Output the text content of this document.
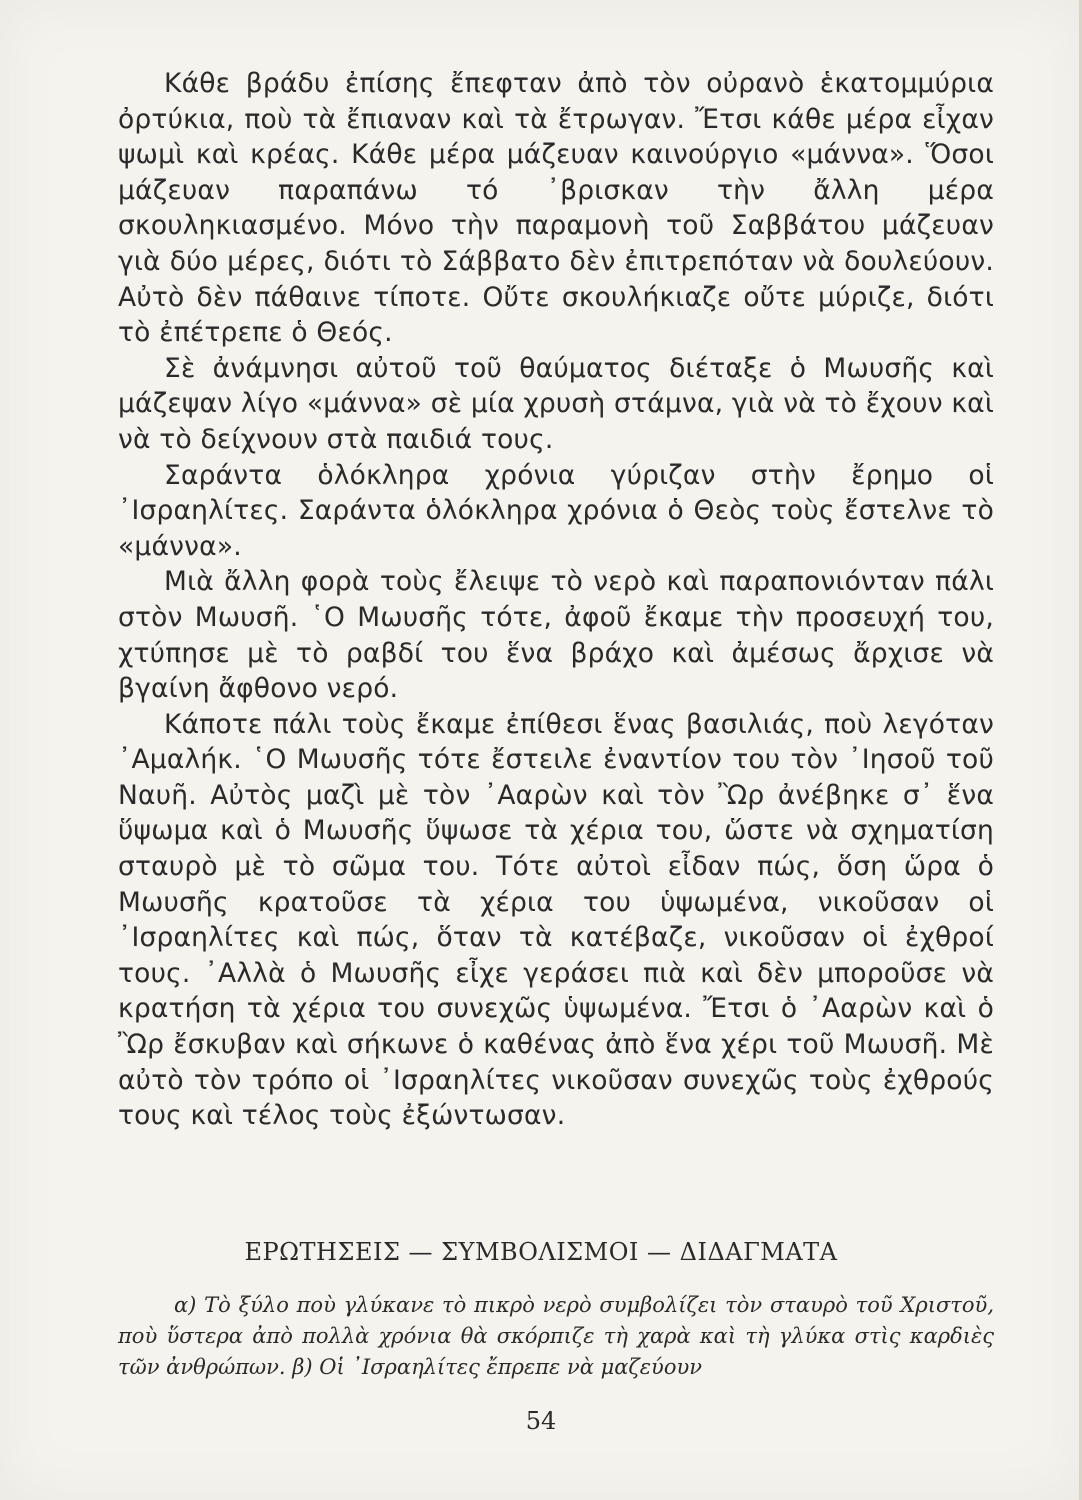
Κάθε βράδυ ἐπίσης ἔπεφταν ἀπὸ τὸν οὐρανὸ ἑκατομμύρια ὀρτύκια, ποὺ τὰ ἔπιαναν καὶ τὰ ἔτρωγαν. Ἔτσι κάθε μέρα εἶχαν ψωμὶ καὶ κρέας. Κάθε μέρα μάζευαν καινούργιο «μάννα». Ὅσοι μάζευαν παραπάνω τό ᾿βρισκαν τὴν ἄλλη μέρα σκουληκιασμένο. Μόνο τὴν παραμονὴ τοῦ Σαββάτου μάζευαν γιὰ δύο μέρες, διότι τὸ Σάββατο δὲν ἐπιτρεπόταν νὰ δουλεύουν. Αὐτὸ δὲν πάθαινε τίποτε. Οὔτε σκουλήκιαζε οὔτε μύριζε, διότι τὸ ἐπέτρεπε ὁ Θεός.

Σὲ ἀνάμνησι αὐτοῦ τοῦ θαύματος διέταξε ὁ Μωυσῆς καὶ μάζεψαν λίγο «μάννα» σὲ μία χρυσὴ στάμνα, γιὰ νὰ τὸ ἔχουν καὶ νὰ τὸ δείχνουν στὰ παιδιά τους.

Σαράντα ὁλόκληρα χρόνια γύριζαν στὴν ἔρημο οἱ ᾿Ισραηλίτες. Σαράντα ὁλόκληρα χρόνια ὁ Θεὸς τοὺς ἔστελνε τὸ «μάννα».

Μιὰ ἄλλη φορὰ τοὺς ἔλειψε τὸ νερὸ καὶ παραπονιόνταν πάλι στὸν Μωυσῆ. ῾Ο Μωυσῆς τότε, ἀφοῦ ἔκαμε τὴν προσευχή του, χτύπησε μὲ τὸ ραβδί του ἕνα βράχο καὶ ἀμέσως ἄρχισε νὰ βγαίνη ἄφθονο νερό.

Κάποτε πάλι τοὺς ἔκαμε ἐπίθεσι ἕνας βασιλιάς, ποὺ λεγόταν ᾿Αμαλήκ. ῾Ο Μωυσῆς τότε ἔστειλε ἐναντίον του τὸν ᾿Ιησοῦ τοῦ Ναυῆ. Αὐτὸς μαζὶ μὲ τὸν ᾿Ααρὼν καὶ τὸν Ὢρ ἀνέβηκε σ᾿ ἕνα ὕψωμα καὶ ὁ Μωυσῆς ὕψωσε τὰ χέρια του, ὥστε νὰ σχηματίση σταυρὸ μὲ τὸ σῶμα του. Τότε αὐτοὶ εἶδαν πώς, ὅση ὥρα ὁ Μωυσῆς κρατοῦσε τὰ χέρια του ὑψωμένα, νικοῦσαν οἱ ᾿Ισραηλίτες καὶ πώς, ὅταν τὰ κατέβαζε, νικοῦσαν οἱ ἐχθροί τους. ᾿Αλλὰ ὁ Μωυσῆς εἶχε γεράσει πιὰ καὶ δὲν μποροῦσε νὰ κρατήση τὰ χέρια του συνεχῶς ὑψωμένα. Ἔτσι ὁ ᾿Ααρὼν καὶ ὁ Ὢρ ἔσκυβαν καὶ σήκωνε ὁ καθένας ἀπὸ ἕνα χέρι τοῦ Μωυσῆ. Μὲ αὐτὸ τὸν τρόπο οἱ ᾿Ισραηλίτες νικοῦσαν συνεχῶς τοὺς ἐχθρούς τους καὶ τέλος τοὺς ἐξώντωσαν.

ΕΡΩΤΗΣΕΙΣ — ΣΥΜΒΟΛΙΣΜΟΙ — ΔΙΔΑΓΜΑΤΑ

α) Τὸ ξύλο ποὺ γλύκανε τὸ πικρὸ νερὸ συμβολίζει τὸν σταυρὸ τοῦ Χριστοῦ, ποὺ ὕστερα ἀπὸ πολλὰ χρόνια θὰ σκόρπιζε τὴ χαρὰ καὶ τὴ γλύκα στὶς καρδιὲς τῶν ἀνθρώπων. β) Οἱ ᾿Ισραηλίτες ἔπρεπε νὰ μαζεύουν

54
